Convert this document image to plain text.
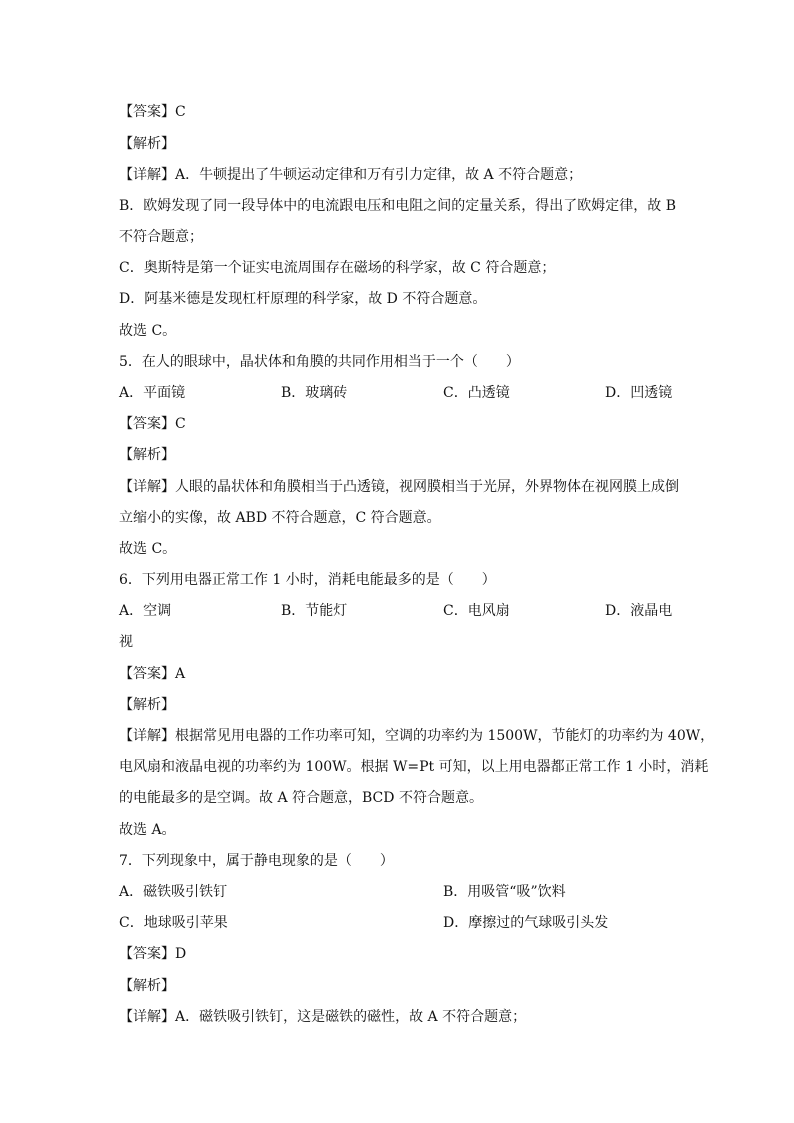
【答案】C
【解析】
【详解】A．牛顿提出了牛顿运动定律和万有引力定律，故 A 不符合题意；
B．欧姆发现了同一段导体中的电流跟电压和电阻之间的定量关系，得出了欧姆定律，故 B
不符合题意；
C．奥斯特是第一个证实电流周围存在磁场的科学家，故 C 符合题意；
D．阿基米德是发现杠杆原理的科学家，故 D 不符合题意。
故选 C。
5．在人的眼球中，晶状体和角膜的共同作用相当于一个（　　）
A．平面镜	B．玻璃砖	C．凸透镜	D．凹透镜
【答案】C
【解析】
【详解】人眼的晶状体和角膜相当于凸透镜，视网膜相当于光屏，外界物体在视网膜上成倒
立缩小的实像，故 ABD 不符合题意，C 符合题意。
故选 C。
6．下列用电器正常工作 1 小时，消耗电能最多的是（　　）
A．空调	B．节能灯	C．电风扇	D．液晶电
视
【答案】A
【解析】
【详解】根据常见用电器的工作功率可知，空调的功率约为 1500W，节能灯的功率约为 40W，
电风扇和液晶电视的功率约为 100W。根据 W=Pt 可知，以上用电器都正常工作 1 小时，消耗
的电能最多的是空调。故 A 符合题意，BCD 不符合题意。
故选 A。
7．下列现象中，属于静电现象的是（　　）
A．磁铁吸引铁钉	B．用吸管“吸”饮料
C．地球吸引苹果	D．摩擦过的气球吸引头发
【答案】D
【解析】
【详解】A．磁铁吸引铁钉，这是磁铁的磁性，故 A 不符合题意；
